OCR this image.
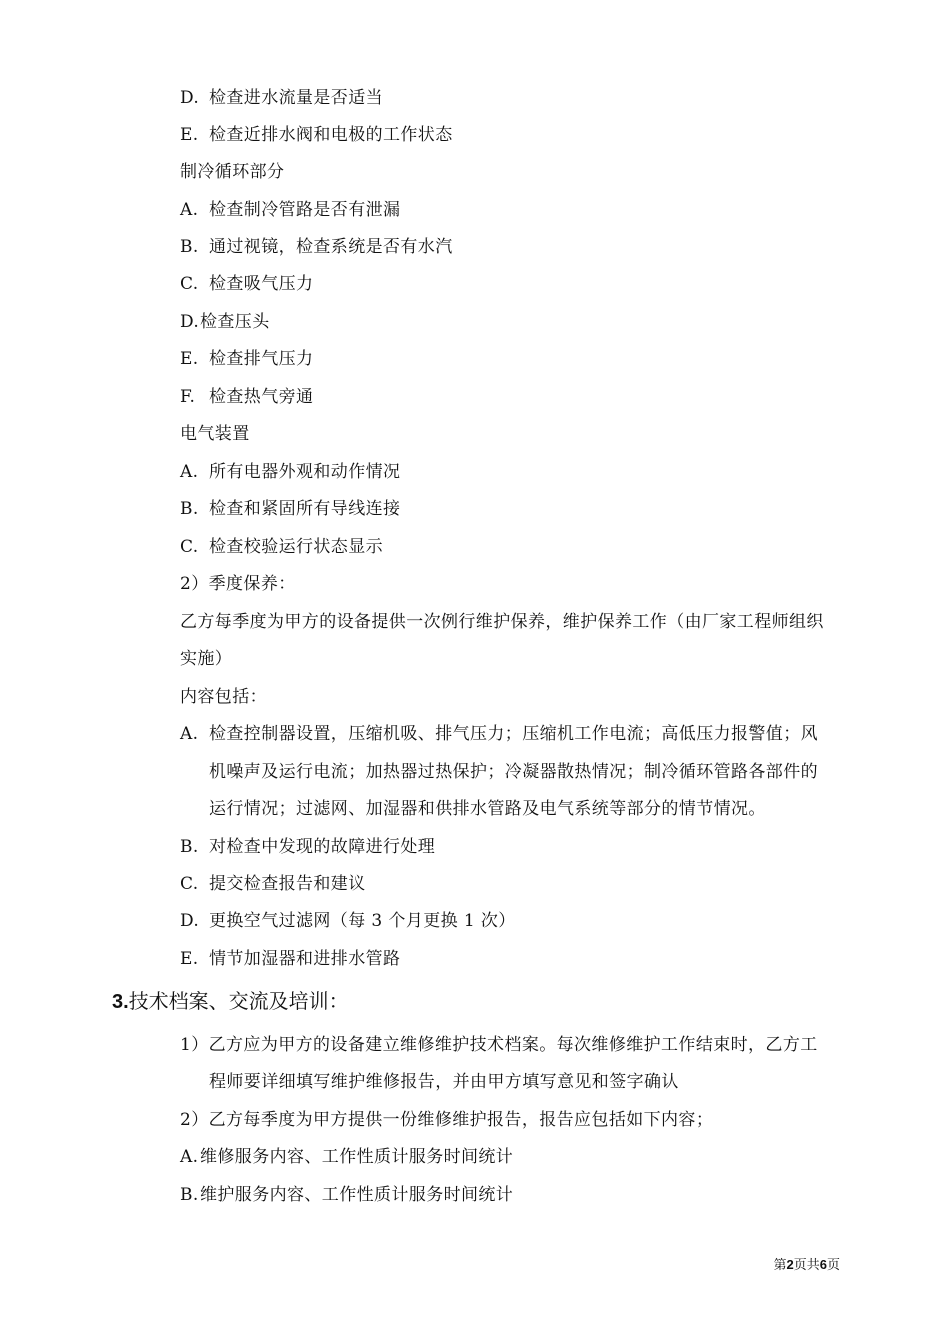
D. 检查进水流量是否适当
E. 检查近排水阀和电极的工作状态
制冷循环部分
A. 检查制冷管路是否有泄漏
B. 通过视镜，检查系统是否有水汽
C. 检查吸气压力
D.检查压头
E. 检查排气压力
F. 检查热气旁通
电气装置
A. 所有电器外观和动作情况
B. 检查和紧固所有导线连接
C. 检查校验运行状态显示
2）季度保养：
乙方每季度为甲方的设备提供一次例行维护保养，维护保养工作（由厂家工程师组织
实施）
内容包括：
A. 检查控制器设置，压缩机吸、排气压力；压缩机工作电流；高低压力报警值；风
机噪声及运行电流；加热器过热保护；冷凝器散热情况；制冷循环管路各部件的
运行情况；过滤网、加湿器和供排水管路及电气系统等部分的情节情况。
B. 对检查中发现的故障进行处理
C. 提交检查报告和建议
D. 更换空气过滤网（每 3 个月更换 1 次）
E. 情节加湿器和进排水管路
3.技术档案、交流及培训：
1）乙方应为甲方的设备建立维修维护技术档案。每次维修维护工作结束时，乙方工
程师要详细填写维护维修报告，并由甲方填写意见和签字确认
2）乙方每季度为甲方提供一份维修维护报告，报告应包括如下内容；
A.维修服务内容、工作性质计服务时间统计
B.维护服务内容、工作性质计服务时间统计
第2页共6页
